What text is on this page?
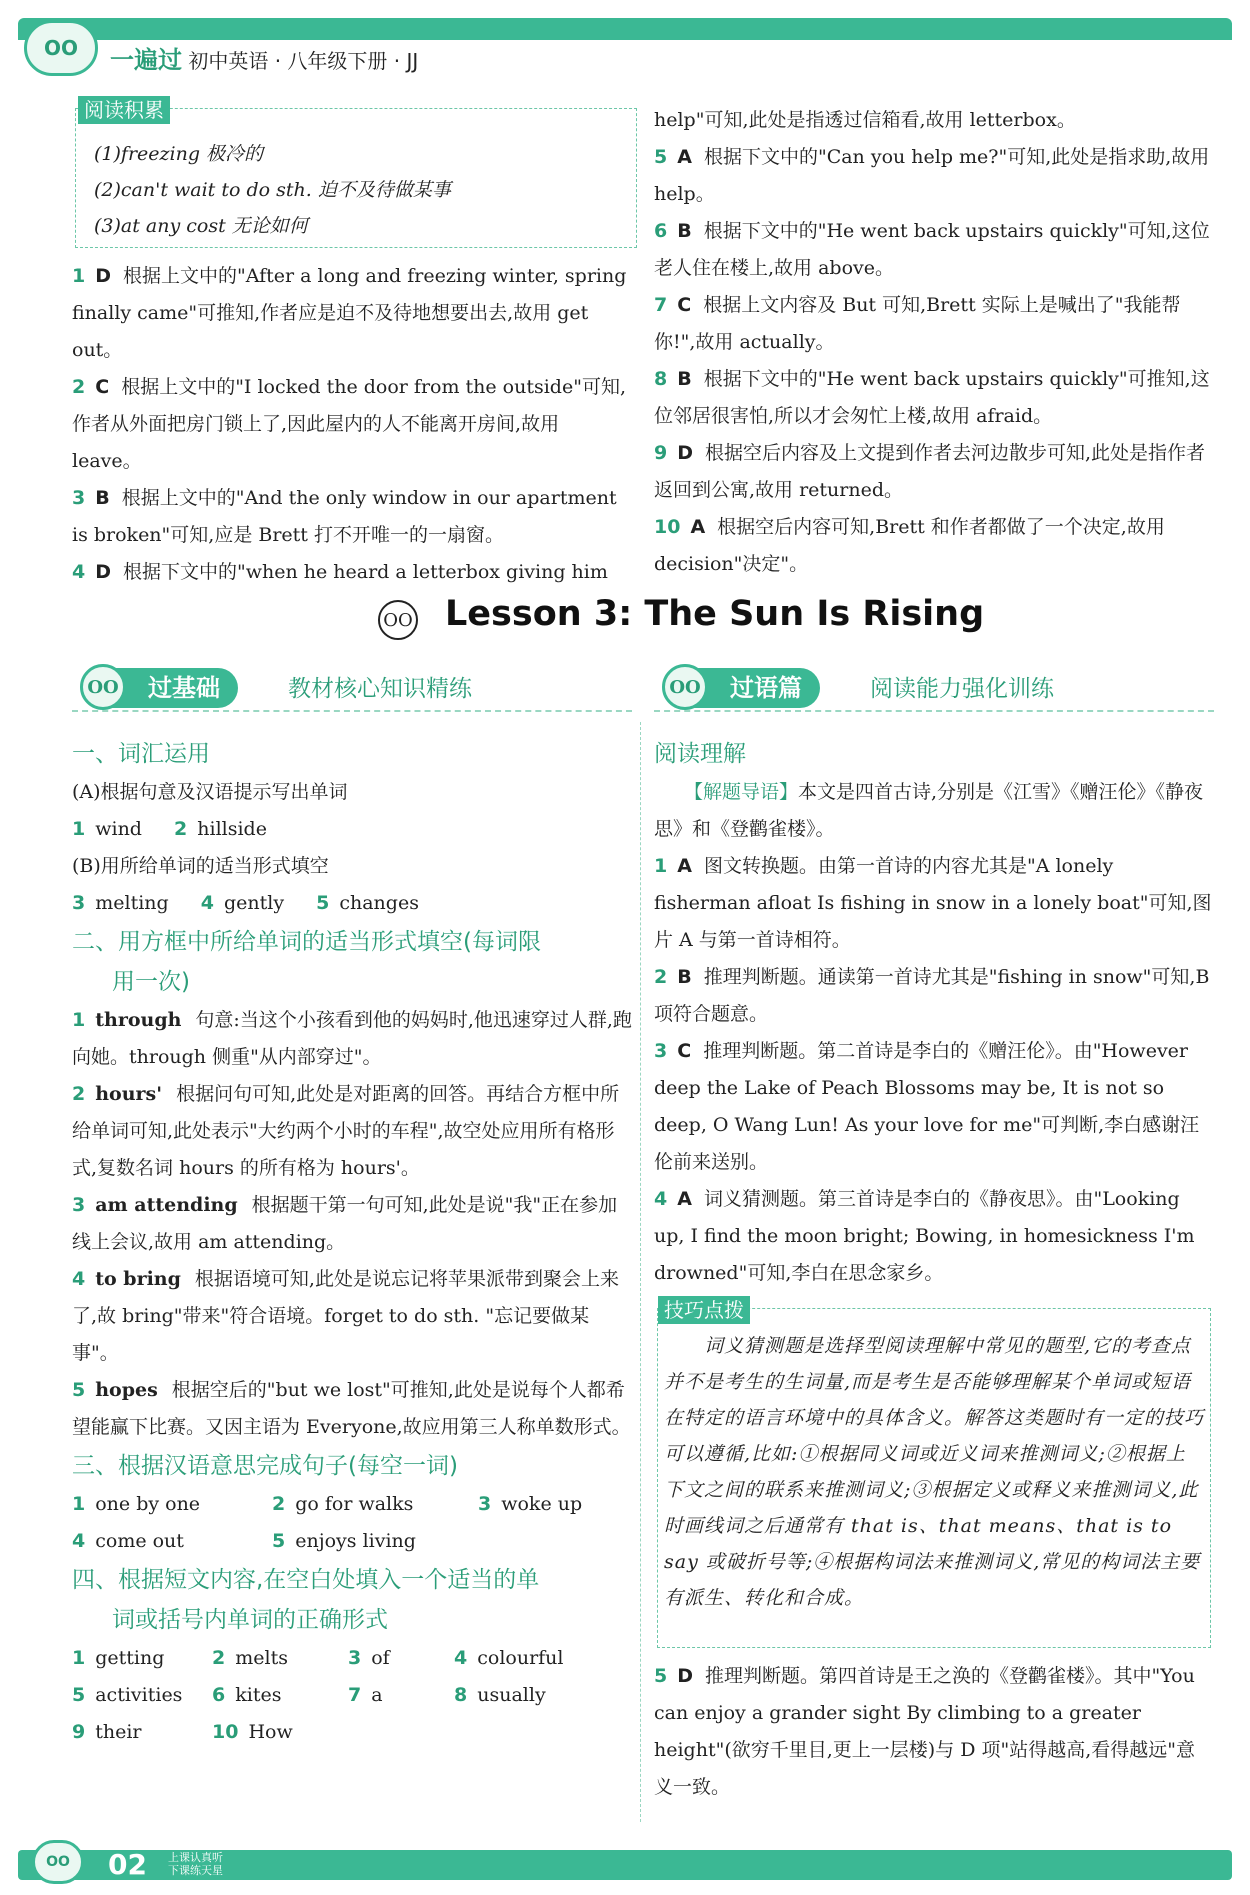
OO 一遍过 初中英语 · 八年级下册 · JJ
阅读积累
(1)freezing 极冷的
(2)can't wait to do sth. 迫不及待做某事
(3)at any cost 无论如何
1 D 根据上文中的"After a long and freezing winter, spring finally came"可推知,作者应是迫不及待地想要出去,故用 get out。
2 C 根据上文中的"I locked the door from the outside"可知,作者从外面把房门锁上了,因此屋内的人不能离开房间,故用 leave。
3 B 根据上文中的"And the only window in our apartment is broken"可知,应是 Brett 打不开唯一的一扇窗。
4 D 根据下文中的"when he heard a letterbox giving him
help"可知,此处是指透过信箱看,故用 letterbox。
5 A 根据下文中的"Can you help me?"可知,此处是指求助,故用 help。
6 B 根据下文中的"He went back upstairs quickly"可知,这位老人住在楼上,故用 above。
7 C 根据上文内容及 But 可知,Brett 实际上是喊出了"我能帮你!",故用 actually。
8 B 根据下文中的"He went back upstairs quickly"可推知,这位邻居很害怕,所以才会匆忙上楼,故用 afraid。
9 D 根据空后内容及上文提到作者去河边散步可知,此处是指作者返回到公寓,故用 returned。
10 A 根据空后内容可知,Brett 和作者都做了一个决定,故用 decision"决定"。
OO Lesson 3: The Sun Is Rising
OO	过基础	教材核心知识精练	OO	过语篇	阅读能力强化训练
一、词汇运用
(A)根据句意及汉语提示写出单词
1 wind 2 hillside
(B)用所给单词的适当形式填空
3 melting 4 gently 5 changes
二、用方框中所给单词的适当形式填空(每词限
用一次)
1 through 句意:当这个小孩看到他的妈妈时,他迅速穿过人群,跑向她。through 侧重"从内部穿过"。
2 hours' 根据问句可知,此处是对距离的回答。再结合方框中所给单词可知,此处表示"大约两个小时的车程",故空处应用所有格形式,复数名词 hours 的所有格为 hours'。
3 am attending 根据题干第一句可知,此处是说"我"正在参加线上会议,故用 am attending。
4 to bring 根据语境可知,此处是说忘记将苹果派带到聚会上来了,故 bring"带来"符合语境。forget to do sth. "忘记要做某事"。
5 hopes 根据空后的"but we lost"可推知,此处是说每个人都希望能赢下比赛。又因主语为 Everyone,故应用第三人称单数形式。
三、根据汉语意思完成句子(每空一词)
1 one by one	2 go for walks	3 woke up
4 come out	5 enjoys living
四、根据短文内容,在空白处填入一个适当的单
词或括号内单词的正确形式
1 getting	2 melts	3 of	4 colourful
5 activities	6 kites	7 a	8 usually
9 their	10 How
阅读理解
【解题导语】本文是四首古诗,分别是《江雪》《赠汪伦》《静夜思》和《登鹳雀楼》。
1 A 图文转换题。由第一首诗的内容尤其是"A lonely fisherman afloat Is fishing in snow in a lonely boat"可知,图片 A 与第一首诗相符。
2 B 推理判断题。通读第一首诗尤其是"fishing in snow"可知,B 项符合题意。
3 C 推理判断题。第二首诗是李白的《赠汪伦》。由"However deep the Lake of Peach Blossoms may be, It is not so deep, O Wang Lun! As your love for me"可判断,李白感谢汪伦前来送别。
4 A 词义猜测题。第三首诗是李白的《静夜思》。由"Looking up, I find the moon bright; Bowing, in homesickness I'm drowned"可知,李白在思念家乡。
技巧点拨
词义猜测题是选择型阅读理解中常见的题型,它的考查点并不是考生的生词量,而是考生是否能够理解某个单词或短语在特定的语言环境中的具体含义。解答这类题时有一定的技巧可以遵循,比如:①根据同义词或近义词来推测词义;②根据上下文之间的联系来推测词义;③根据定义或释义来推测词义,此时画线词之后通常有 that is、that means、that is to say 或破折号等;④根据构词法来推测词义,常见的构词法主要有派生、转化和合成。
5 D 推理判断题。第四首诗是王之涣的《登鹳雀楼》。其中"You can enjoy a grander sight By climbing to a greater height"(欲穷千里目,更上一层楼)与 D 项"站得越高,看得越远"意义一致。
OO 02 上课认真听
下课练天星
